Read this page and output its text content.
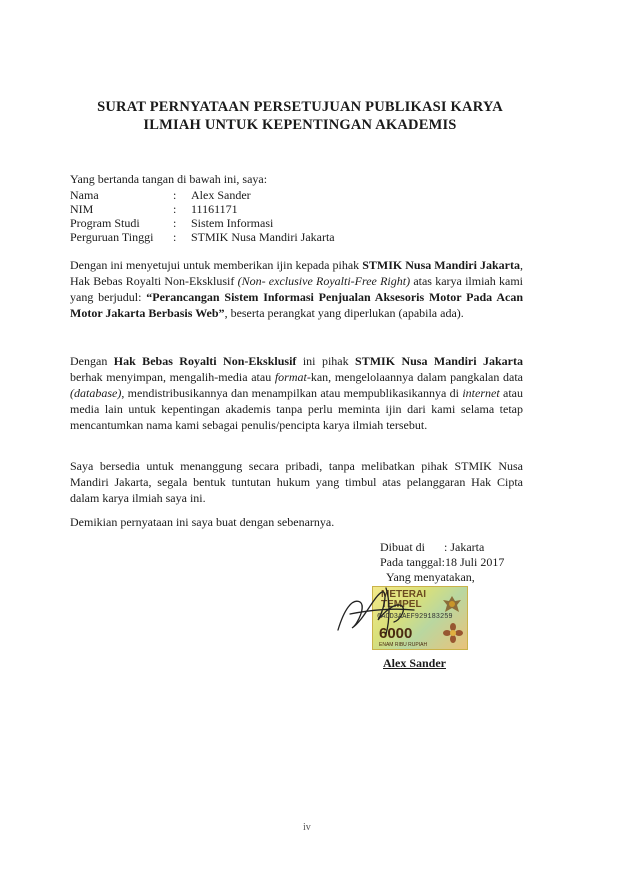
SURAT PERNYATAAN PERSETUJUAN PUBLIKASI KARYA
ILMIAH UNTUK KEPENTINGAN AKADEMIS
Yang bertanda tangan di bawah ini, saya:
Nama	:	Alex Sander
NIM	:	11161171
Program Studi	:	Sistem Informasi
Perguruan Tinggi	:	STMIK Nusa Mandiri Jakarta
Dengan ini menyetujui untuk memberikan ijin kepada pihak STMIK Nusa Mandiri Jakarta, Hak Bebas Royalti Non-Eksklusif (Non- exclusive Royalti-Free Right) atas karya ilmiah kami yang berjudul: “Perancangan Sistem Informasi Penjualan Aksesoris Motor Pada Acan Motor Jakarta Berbasis Web”, beserta perangkat yang diperlukan (apabila ada).
Dengan Hak Bebas Royalti Non-Eksklusif ini pihak STMIK Nusa Mandiri Jakarta berhak menyimpan, mengalih-media atau format-kan, mengelolaannya dalam pangkalan data (database), mendistribusikannya dan menampilkan atau mempublikasikannya di internet atau media lain untuk kepentingan akademis tanpa perlu meminta ijin dari kami selama tetap mencantumkan nama kami sebagai penulis/pencipta karya ilmiah tersebut.
Saya bersedia untuk menanggung secara pribadi, tanpa melibatkan pihak STMIK Nusa Mandiri Jakarta, segala bentuk tuntutan hukum yang timbul atas pelanggaran Hak Cipta dalam karya ilmiah saya ini.
Demikian pernyataan ini saya buat dengan sebenarnya.
Dibuat di	: Jakarta
Pada tanggal: 18 Juli 2017
Yang menyatakan,
METERAI
TEMPEL
6ACD3AAEF929183259
6000
ENAM RIBU RUPIAH
Alex Sander
iv
